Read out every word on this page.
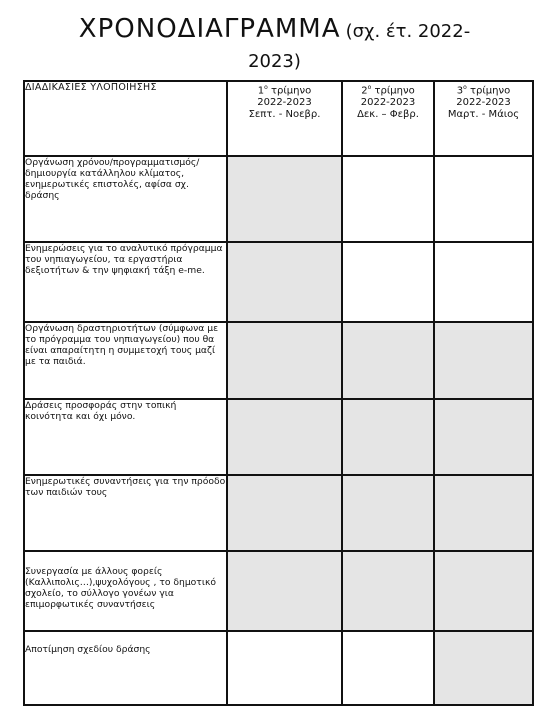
ΧΡΟΝΟΔΙΑΓΡΑΜΜΑ (σχ. έτ. 2022-
2023)
ΔΙΑΔΙΚΑΣΙΕΣ ΥΛΟΠΟΙΗΣΗΣ	$1^o$ τρίμηνο
2022-2023
Σεπτ. - Νοεβρ.	$2^o$ τρίμηνο
2022-2023
Δεκ. – Φεβρ.	$3^o$ τρίμηνο
2022-2023
Μαρτ. - Μάιος

Οργάνωση χρόνου/προγραμματισμός/ δημιουργία κατάλληλου κλίματος, ενημερωτικές επιστολές, αφίσα σχ. δράσης			
Ενημερώσεις για το αναλυτικό πρόγραμμα του νηπιαγωγείου, τα εργαστήρια δεξιοτήτων & την ψηφιακή τάξη e-me.			
Οργάνωση δραστηριοτήτων (σύμφωνα με το πρόγραμμα του νηπιαγωγείου) που θα είναι απαραίτητη η συμμετοχή τους μαζί με τα παιδιά.			
Δράσεις προσφοράς στην τοπική κοινότητα και όχι μόνο.			
Ενημερωτικές συναντήσεις για την πρόοδο των παιδιών τους			
Συνεργασία με άλλους φορείς (Καλλιπολις…),ψυχολόγους , το δημοτικό σχολείο, το σύλλογο γονέων για επιμορφωτικές συναντήσεις			
Αποτίμηση σχεδίου δράσης			
